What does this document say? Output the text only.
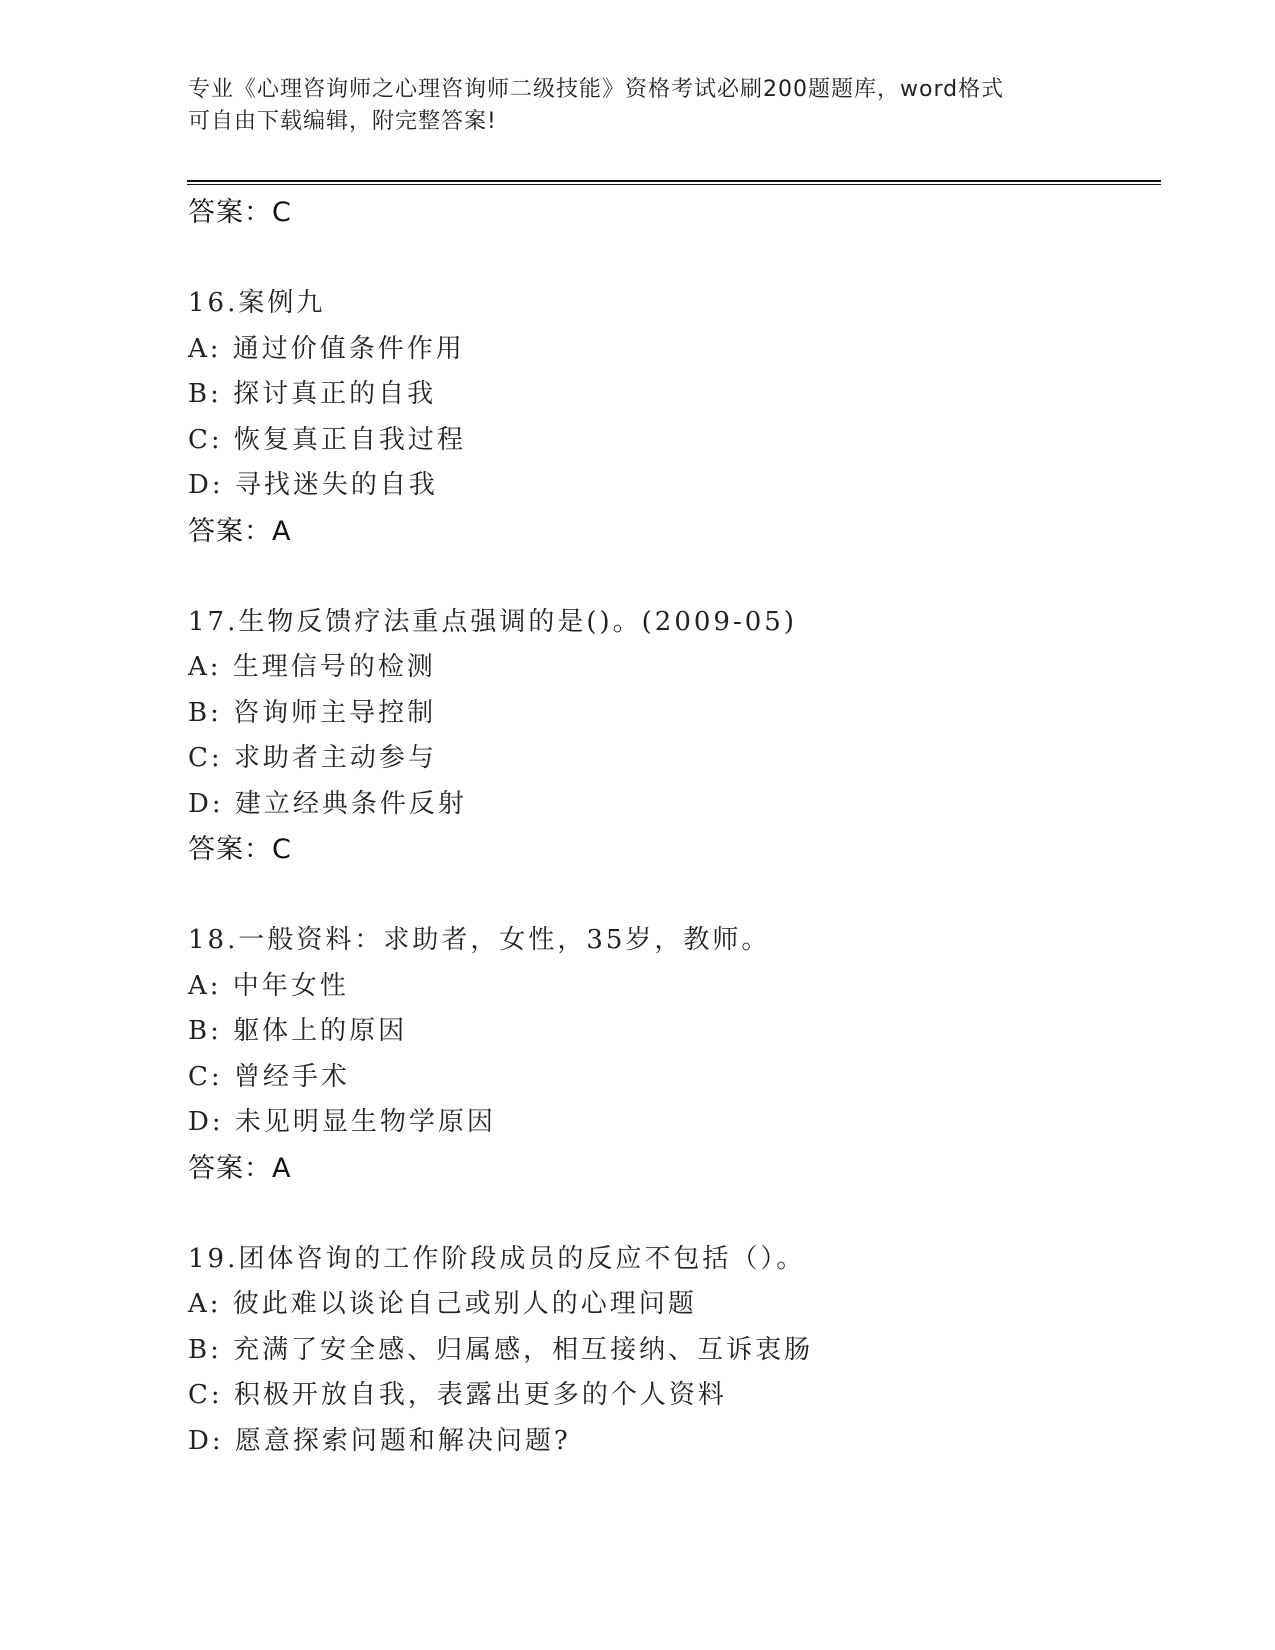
专业《心理咨询师之心理咨询师二级技能》资格考试必刷200题题库，word格式
可自由下载编辑，附完整答案!
答案：C
16.案例九
A: 通过价值条件作用
B: 探讨真正的自我
C: 恢复真正自我过程
D: 寻找迷失的自我
答案：A
17.生物反馈疗法重点强调的是()。(2009-05)
A: 生理信号的检测
B: 咨询师主导控制
C: 求助者主动参与
D: 建立经典条件反射
答案：C
18.一般资料：求助者，女性，35岁，教师。
A: 中年女性
B: 躯体上的原因
C: 曾经手术
D: 未见明显生物学原因
答案：A
19.团体咨询的工作阶段成员的反应不包括（）。
A: 彼此难以谈论自己或别人的心理问题
B: 充满了安全感、归属感，相互接纳、互诉衷肠
C: 积极开放自我，表露出更多的个人资料
D: 愿意探索问题和解决问题?
